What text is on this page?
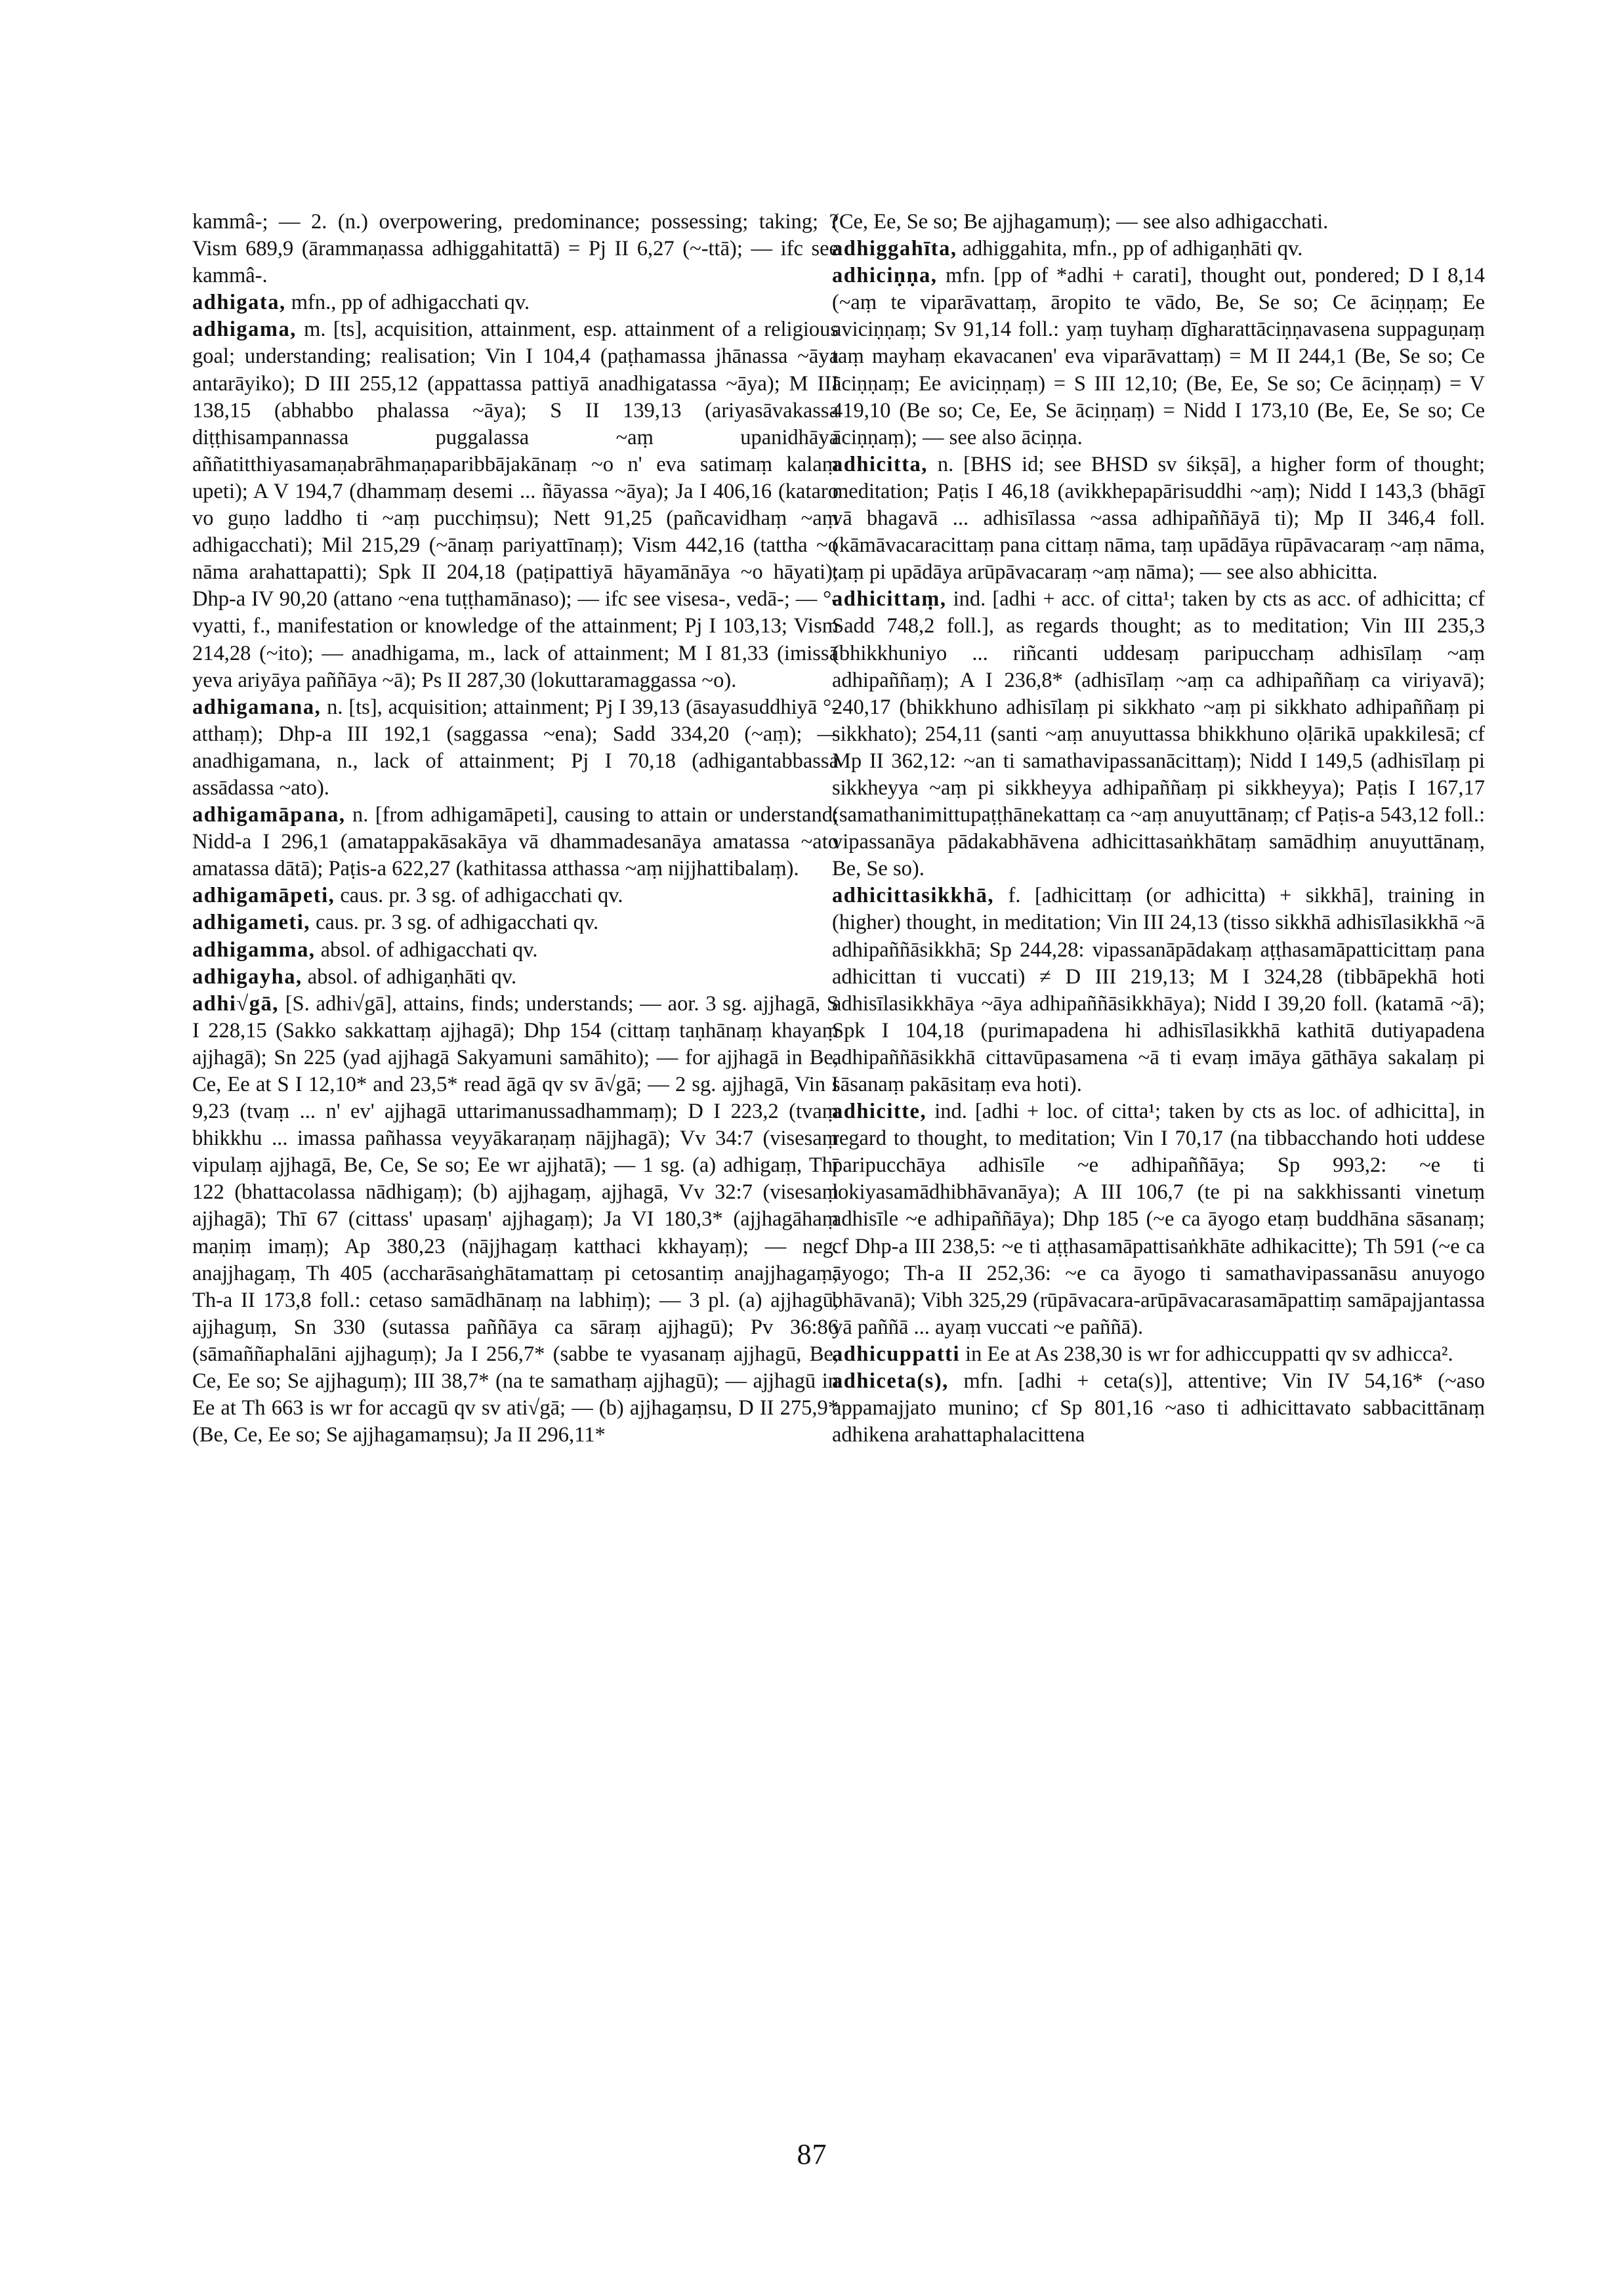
kammâ-; — 2. (n.) overpowering, predominance; possessing; taking; ? Vism 689,9 (ārammaṇassa adhiggahitattā) = Pj II 6,27 (~-ttā); — ifc see kammâ-.

adhigata, mfn., pp of adhigacchati qv.

adhigama, m. [ts], acquisition, attainment, esp. attainment of a religious goal; understanding; realisation; Vin I 104,4 (paṭhamassa jhānassa ~āya antarāyiko); D III 255,12 (appattassa pattiyā anadhigatassa ~āya); M III 138,15 (abhabbo phalassa ~āya); S II 139,13 (ariyasāvakassa diṭṭhisampannassa puggalassa ~aṃ upanidhāya aññatitthiyasamaṇabrāhmaṇaparibbājakānaṃ ~o n' eva satimaṃ kalaṃ upeti); A V 194,7 (dhammaṃ desemi ... ñāyassa ~āya); Ja I 406,16 (kataro vo guṇo laddho ti ~aṃ pucchiṃsu); Nett 91,25 (pañcavidhaṃ ~aṃ adhigacchati); Mil 215,29 (~ānaṃ pariyattīnaṃ); Vism 442,16 (tattha ~o nāma arahattapatti); Spk II 204,18 (paṭipattiyā hāyamānāya ~o hāyati); Dhp-a IV 90,20 (attano ~ena tuṭṭhamānaso); — ifc see visesa-, vedā-; — °-vyatti, f., manifestation or knowledge of the attainment; Pj I 103,13; Vism 214,28 (~ito); — anadhigama, m., lack of attainment; M I 81,33 (imissā yeva ariyāya paññāya ~ā); Ps II 287,30 (lokuttaramaggassa ~o).

adhigamana, n. [ts], acquisition; attainment; Pj I 39,13 (āsayasuddhiyā °-atthaṃ); Dhp-a III 192,1 (saggassa ~ena); Sadd 334,20 (~aṃ); — anadhigamana, n., lack of attainment; Pj I 70,18 (adhigantabbassa assādassa ~ato).

adhigamāpana, n. [from adhigamāpeti], causing to attain or understand; Nidd-a I 296,1 (amatappakāsakāya vā dhammadesanāya amatassa ~ato amatassa dātā); Paṭis-a 622,27 (kathitassa atthassa ~aṃ nijjhattibalaṃ).

adhigamāpeti, caus. pr. 3 sg. of adhigacchati qv.

adhigameti, caus. pr. 3 sg. of adhigacchati qv.

adhigamma, absol. of adhigacchati qv.

adhigayha, absol. of adhigaṇhāti qv.

adhi√gā, [S. adhi√gā], attains, finds; understands; — aor. 3 sg. ajjhagā, S I 228,15 (Sakko sakkattaṃ ajjhagā); Dhp 154 (cittaṃ taṇhānaṃ khayaṃ ajjhagā); Sn 225 (yad ajjhagā Sakyamuni samāhito); — for ajjhagā in Be, Ce, Ee at S I 12,10* and 23,5* read āgā qv sv ā√gā; — 2 sg. ajjhagā, Vin I 9,23 (tvaṃ ... n' ev' ajjhagā uttarimanussadhammaṃ); D I 223,2 (tvaṃ bhikkhu ... imassa pañhassa veyyākaraṇaṃ nājjhagā); Vv 34:7 (visesaṃ vipulaṃ ajjhagā, Be, Ce, Se so; Ee wr ajjhatā); — 1 sg. (a) adhigaṃ, Thī 122 (bhattacolassa nādhigaṃ); (b) ajjhagaṃ, ajjhagā, Vv 32:7 (visesaṃ ajjhagā); Thī 67 (cittass' upasaṃ' ajjhagaṃ); Ja VI 180,3* (ajjhagāhaṃ maṇiṃ imaṃ); Ap 380,23 (nājjhagaṃ katthaci kkhayaṃ); — neg. anajjhagaṃ, Th 405 (accharāsaṅghātamattaṃ pi cetosantiṃ anajjhagaṃ; Th-a II 173,8 foll.: cetaso samādhānaṃ na labhiṃ); — 3 pl. (a) ajjhagū, ajjhaguṃ, Sn 330 (sutassa paññāya ca sāraṃ ajjhagū); Pv 36:86 (sāmaññaphalāni ajjhaguṃ); Ja I 256,7* (sabbe te vyasanaṃ ajjhagū, Be, Ce, Ee so; Se ajjhaguṃ); III 38,7* (na te samathaṃ ajjhagū); — ajjhagū in Ee at Th 663 is wr for accagū qv sv ati√gā; — (b) ajjhagaṃsu, D II 275,9* (Be, Ce, Ee so; Se ajjhagamaṃsu); Ja II 296,11*

(Ce, Ee, Se so; Be ajjhagamuṃ); — see also adhigacchati.

adhiggahīta, adhiggahita, mfn., pp of adhigaṇhāti qv.

adhiciṇṇa, mfn. [pp of *adhi + carati], thought out, pondered; D I 8,14 (~aṃ te viparāvattaṃ, āropito te vādo, Be, Se so; Ce āciṇṇaṃ; Ee aviciṇṇaṃ; Sv 91,14 foll.: yaṃ tuyhaṃ dīgharattāciṇṇavasena suppaguṇaṃ taṃ mayhaṃ ekavacanen' eva viparāvattaṃ) = M II 244,1 (Be, Se so; Ce āciṇṇaṃ; Ee aviciṇṇaṃ) = S III 12,10; (Be, Ee, Se so; Ce āciṇṇaṃ) = V 419,10 (Be so; Ce, Ee, Se āciṇṇaṃ) = Nidd I 173,10 (Be, Ee, Se so; Ce āciṇṇaṃ); — see also āciṇṇa.

adhicitta, n. [BHS id; see BHSD sv śikṣā], a higher form of thought; meditation; Paṭis I 46,18 (avikkhepapārisuddhi ~aṃ); Nidd I 143,3 (bhāgī vā bhagavā ... adhisīlassa ~assa adhipaññāyā ti); Mp II 346,4 foll. (kāmāvacaracittaṃ pana cittaṃ nāma, taṃ upādāya rūpāvacaraṃ ~aṃ nāma, taṃ pi upādāya arūpāvacaraṃ ~aṃ nāma); — see also abhicitta.

adhicittaṃ, ind. [adhi + acc. of citta¹; taken by cts as acc. of adhicitta; cf Sadd 748,2 foll.], as regards thought; as to meditation; Vin III 235,3 (bhikkhuniyo ... riñcanti uddesaṃ paripucchaṃ adhisīlaṃ ~aṃ adhipaññaṃ); A I 236,8* (adhisīlaṃ ~aṃ ca adhipaññaṃ ca viriyavā); 240,17 (bhikkhuno adhisīlaṃ pi sikkhato ~aṃ pi sikkhato adhipaññaṃ pi sikkhato); 254,11 (santi ~aṃ anuyuttassa bhikkhuno oḷārikā upakkilesā; cf Mp II 362,12: ~an ti samathavipassanācittaṃ); Nidd I 149,5 (adhisīlaṃ pi sikkheyya ~aṃ pi sikkheyya adhipaññaṃ pi sikkheyya); Paṭis I 167,17 (samathanimittupaṭṭhānekattaṃ ca ~aṃ anuyuttānaṃ; cf Paṭis-a 543,12 foll.: vipassanāya pādakabhāvena adhicittasaṅkhātaṃ samādhiṃ anuyuttānaṃ, Be, Se so).

adhicittasikkhā, f. [adhicittaṃ (or adhicitta) + sikkhā], training in (higher) thought, in meditation; Vin III 24,13 (tisso sikkhā adhisīlasikkhā ~ā adhipaññāsikkhā; Sp 244,28: vipassanāpādakaṃ aṭṭhasamāpatticittaṃ pana adhicittan ti vuccati) ≠ D III 219,13; M I 324,28 (tibbāpekhā hoti adhisīlasikkhāya ~āya adhipaññāsikkhāya); Nidd I 39,20 foll. (katamā ~ā); Spk I 104,18 (purimapadena hi adhisīlasikkhā kathitā dutiyapadena adhipaññāsikkhā cittavūpasamena ~ā ti evaṃ imāya gāthāya sakalaṃ pi sāsanaṃ pakāsitaṃ eva hoti).

adhicitte, ind. [adhi + loc. of citta¹; taken by cts as loc. of adhicitta], in regard to thought, to meditation; Vin I 70,17 (na tibbacchando hoti uddese paripucchāya adhisīle ~e adhipaññāya; Sp 993,2: ~e ti lokiyasamādhibhāvanāya); A III 106,7 (te pi na sakkhissanti vinetuṃ adhisīle ~e adhipaññāya); Dhp 185 (~e ca āyogo etaṃ buddhāna sāsanaṃ; cf Dhp-a III 238,5: ~e ti aṭṭhasamāpattisaṅkhāte adhikacitte); Th 591 (~e ca āyogo; Th-a II 252,36: ~e ca āyogo ti samathavipassanāsu anuyogo bhāvanā); Vibh 325,29 (rūpāvacara-arūpāvacarasamāpattiṃ samāpajjantassa yā paññā ... ayaṃ vuccati ~e paññā).

adhicuppatti in Ee at As 238,30 is wr for adhiccuppatti qv sv adhicca².

adhiceta(s), mfn. [adhi + ceta(s)], attentive; Vin IV 54,16* (~aso appamajjato munino; cf Sp 801,16 ~aso ti adhicittavato sabbacittānaṃ adhikena arahattaphalacittena

87
